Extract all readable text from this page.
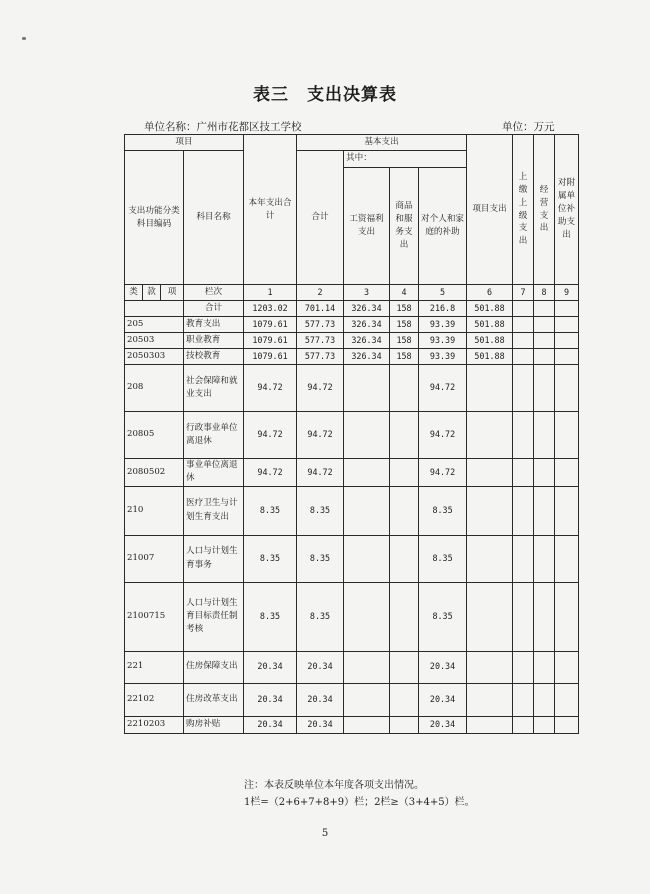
表三　支出决算表
单位名称：广州市花都区技工学校	单位：万元
项目				本年支出合计	基本支出				项目支出	上缴上级支出	经营支出	对附属单位补助支出
支出功能分类科目编码			科目名称		合计	其中：						
						工资福利支出	商品和服务支出	对个人和家庭的补助				
类	款	项	栏次	1	2	3	4	5	6	7	8	9
			合计	1203.02	701.14	326.34	158	216.8	501.88			
205			教育支出	1079.61	577.73	326.34	158	93.39	501.88			
20503			职业教育	1079.61	577.73	326.34	158	93.39	501.88			
2050303			技校教育	1079.61	577.73	326.34	158	93.39	501.88			
208			社会保障和就业支出	94.72	94.72			94.72				
20805			行政事业单位离退休	94.72	94.72			94.72				
2080502			事业单位离退休	94.72	94.72			94.72				
210			医疗卫生与计划生育支出	8.35	8.35			8.35				
21007			人口与计划生育事务	8.35	8.35			8.35				
2100715			人口与计划生育目标责任制考核	8.35	8.35			8.35				
221			住房保障支出	20.34	20.34			20.34				
22102			住房改革支出	20.34	20.34			20.34				
2210203			购房补贴	20.34	20.34			20.34				
注：本表反映单位本年度各项支出情况。
1栏=（2+6+7+8+9）栏；2栏≥（3+4+5）栏。
5
